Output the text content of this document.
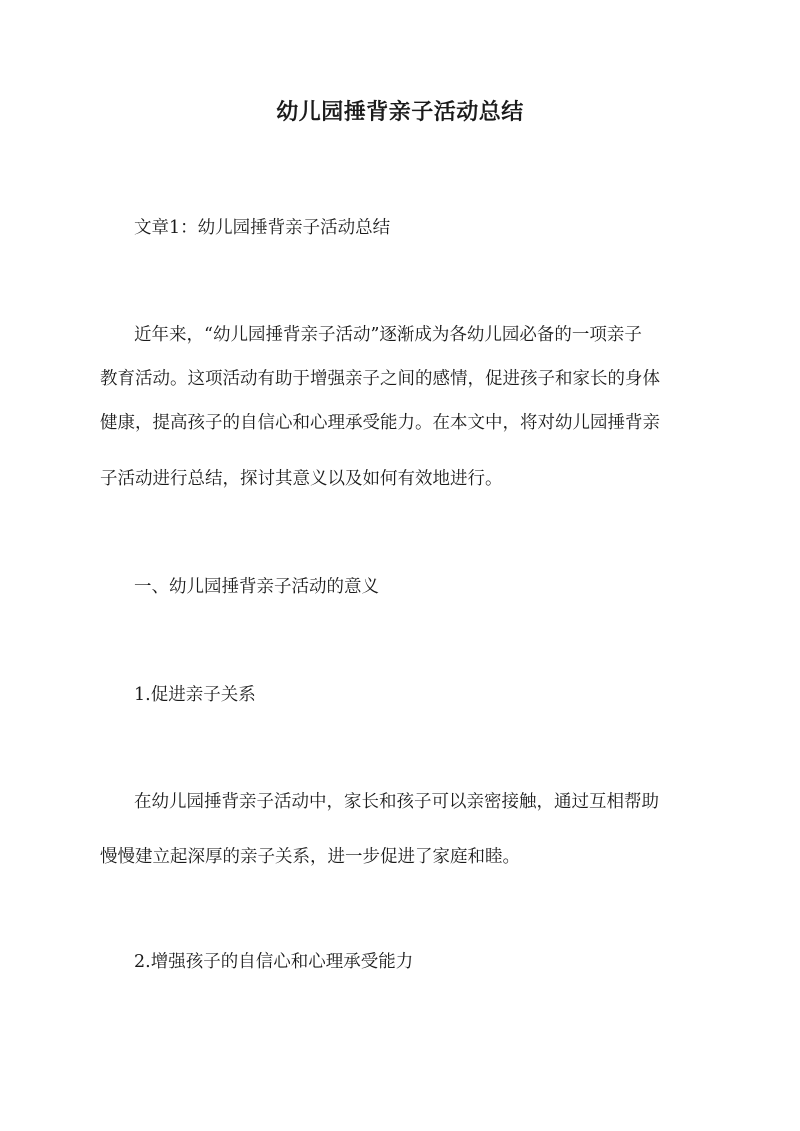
幼儿园捶背亲子活动总结

文章1：幼儿园捶背亲子活动总结

近年来，“幼儿园捶背亲子活动”逐渐成为各幼儿园必备的一项亲子

教育活动。这项活动有助于增强亲子之间的感情，促进孩子和家长的身体

健康，提高孩子的自信心和心理承受能力。在本文中，将对幼儿园捶背亲

子活动进行总结，探讨其意义以及如何有效地进行。

一、幼儿园捶背亲子活动的意义

1.促进亲子关系

在幼儿园捶背亲子活动中，家长和孩子可以亲密接触，通过互相帮助

慢慢建立起深厚的亲子关系，进一步促进了家庭和睦。

2.增强孩子的自信心和心理承受能力
